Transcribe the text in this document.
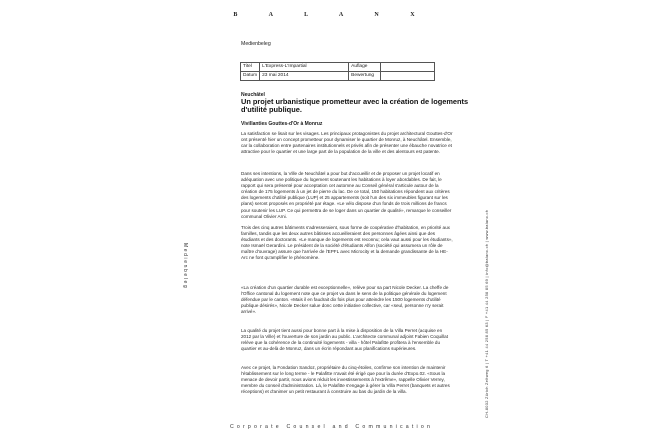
B A L A N X
Medienbeleg
Titel	L'Express-L'Impartial	Auflage	
Datum	23 mai 2014	Bewertung	
Neuchâtel
Un projet urbanistique prometteur avec la création de logements d'utilité publique.
Vivillanties Gouttes-d'Or à Monruz

La satisfaction se lisait sur les visages. Les principaux protagonistes du projet architectural Gouttes-d'Or ont présenté hier un concept prometteur pour dynamiser le quartier de Monruz, à Neuchâtel. Ensemble, car la collaboration entre partenaires institutionnels et privés afin de présenter une ébauche novatrice et attractive pour le quartier et une large part de la population de la ville et des alentours est patente.

Dans ses intentions, la Ville de Neuchâtel a pour but d'accueillir et de proposer un projet locatif en adéquation avec une politique du logement soutenant les habitations à loyer abordables. De fait, le rapport qui sera présenté pour acceptation cet automne au Conseil général s'articule autour de la création de 175 logements à un jet de pierre du lac. De ce total, 150 habitations répondent aux critères des logements d'utilité publique (LUP) et 25 appartements (soit l'un des six immeubles figurant sur les plans) seront proposés en propriété par étage. «Le vélo dispose d'un fonds de trois millions de francs pour soutenir les LUP. Ce qui permettra de se loger dans un quartier de qualité», remarque le conseiller communal Olivier Arni.

Trois des cinq autres bâtiments s'adresseraient, sous forme de coopérative d'habitation, en priorité aux familles, tandis que les deux autres bâtisses accueilleraient des personnes âgées ainsi que des étudiants et des doctorants. «Le manque de logements est reconnu; cela vaut aussi pour les étudiants», note Ismaël Gerardini. Le président de la société d'étudiants Alfon (société qui assumera un rôle de maître d'ouvrage) assure que l'arrivée de l'EPFL avec Microcity et la demande grandissante de la HE-Arc ne font qu'amplifier le phénomène.

«La création d'un quartier durable est exceptionnelle», relève pour sa part Nicole Decker. La cheffe de l'Office cantonal du logement note que ce projet va dans le sens de la politique générale du logement défendue par le canton. «Mais il en faudrait dix fois plus pour atteindre les 1500 logements d'utilité publique désirés», Nicole Decker salue donc cette initiative collective, car «seul, personne n'y serait arrivé».

La qualité du projet tient aussi pour bonne part à la mise à disposition de la Villa Perret (acquise en 2012 par la Ville) et l'ouverture de son jardin au public. L'architecte communal adjoint Fabien Coquillat relève que la cohérence de la continuité logements - villa - hôtel Palafitte profitera à l'ensemble du quartier et au-delà de Monruz, dans un écrin répondant aux planifications supérieures.

Avec ce projet, la Fondation Sandoz, propriétaire du cinq-étoiles, confirme son intention de maintenir l'établissement sur le long terme - le Palafitte n'avait été érigé que pour la durée d'Expo.02. «Sous la menace de devoir partir, nous avions réduit les investissements à l'extrême», rappelle Olivier Verrey, membre du conseil d'administration. Là, le Palafitte s'engage à gérer la Villa Perret (banquets et autres réceptions) et d'animer un petit restaurant à construire au bas du jardin de la villa.

Medienbeleg	CH-8032 Zürich Zeltweg 6 | T +41 44 258 85 63 | F +41 44 258 85 69 | info@balanx.ch | www.balanx.ch
Corporate Counsel and Communication
